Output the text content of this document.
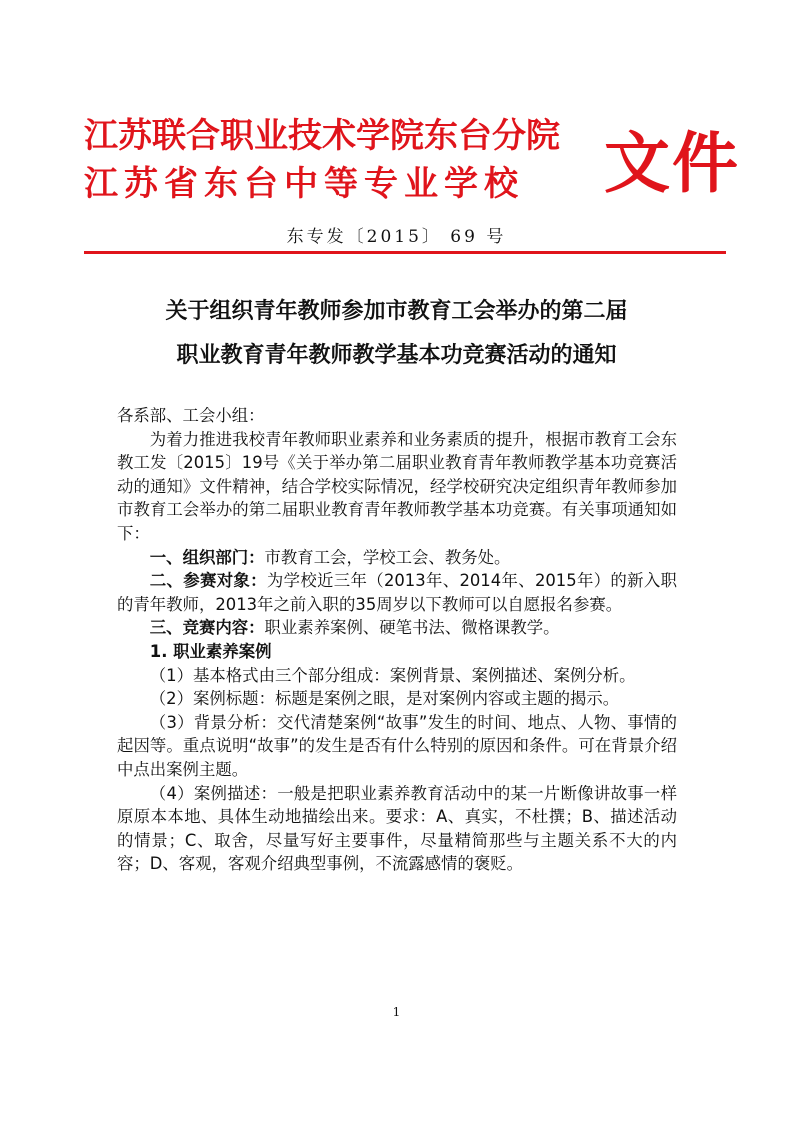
江苏联合职业技术学院东台分院
江苏省东台中等专业学校 文件
东专发〔2015〕 69 号
关于组织青年教师参加市教育工会举办的第二届
职业教育青年教师教学基本功竞赛活动的通知

各系部、工会小组：

为着力推进我校青年教师职业素养和业务素质的提升，根据市教育工会东教工发〔2015〕19号《关于举办第二届职业教育青年教师教学基本功竞赛活动的通知》文件精神，结合学校实际情况，经学校研究决定组织青年教师参加市教育工会举办的第二届职业教育青年教师教学基本功竞赛。有关事项通知如下：

一、组织部门：市教育工会，学校工会、教务处。

二、参赛对象：为学校近三年（2013年、2014年、2015年）的新入职的青年教师，2013年之前入职的35周岁以下教师可以自愿报名参赛。

三、竞赛内容：职业素养案例、硬笔书法、微格课教学。

1. 职业素养案例

（1）基本格式由三个部分组成：案例背景、案例描述、案例分析。

（2）案例标题：标题是案例之眼，是对案例内容或主题的揭示。

（3）背景分析：交代清楚案例“故事”发生的时间、地点、人物、事情的起因等。重点说明“故事”的发生是否有什么特别的原因和条件。可在背景介绍中点出案例主题。

（4）案例描述：一般是把职业素养教育活动中的某一片断像讲故事一样原原本本地、具体生动地描绘出来。要求：A、真实，不杜撰；B、描述活动的情景；C、取舍，尽量写好主要事件，尽量精简那些与主题关系不大的内容；D、客观，客观介绍典型事例，不流露感情的褒贬。

1
